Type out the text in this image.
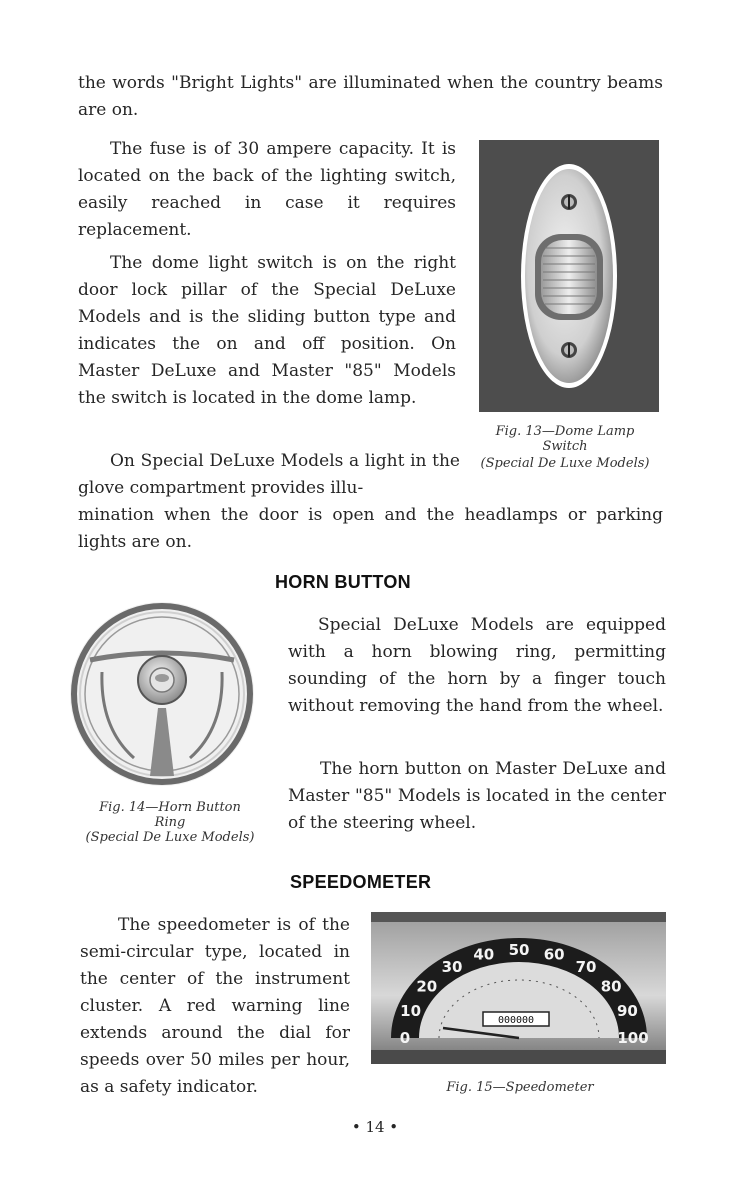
the words "Bright Lights" are illuminated when the country beams are on.

The fuse is of 30 ampere capacity. It is located on the back of the lighting switch, easily reached in case it requires replacement.

The dome light switch is on the right door lock pillar of the Special DeLuxe Models and is the sliding button type and indicates the on and off position. On Master DeLuxe and Master "85" Models the switch is located in the dome lamp.

On Special DeLuxe Models a light in the glove compartment provides illu-

mination when the door is open and the headlamps or parking lights are on.

Fig. 13—Dome Lamp
Switch
(Special De Luxe Models)
HORN BUTTON
Fig. 14—Horn Button
Ring
(Special De Luxe Models)

Special DeLuxe Models are equipped with a horn blowing ring, permitting sounding of the horn by a finger touch without removing the hand from the wheel.

The horn button on Master DeLuxe and Master "85" Models is located in the center of the steering wheel.

SPEEDOMETER

The speedometer is of the semi-circular type, located in the center of the instrument cluster. A red warning line extends around the dial for speeds over 50 miles per hour, as a safety indicator.

0
10
20
30
40 50 60
70
80
90
100
000000
Fig. 15—Speedometer
• 14 •
